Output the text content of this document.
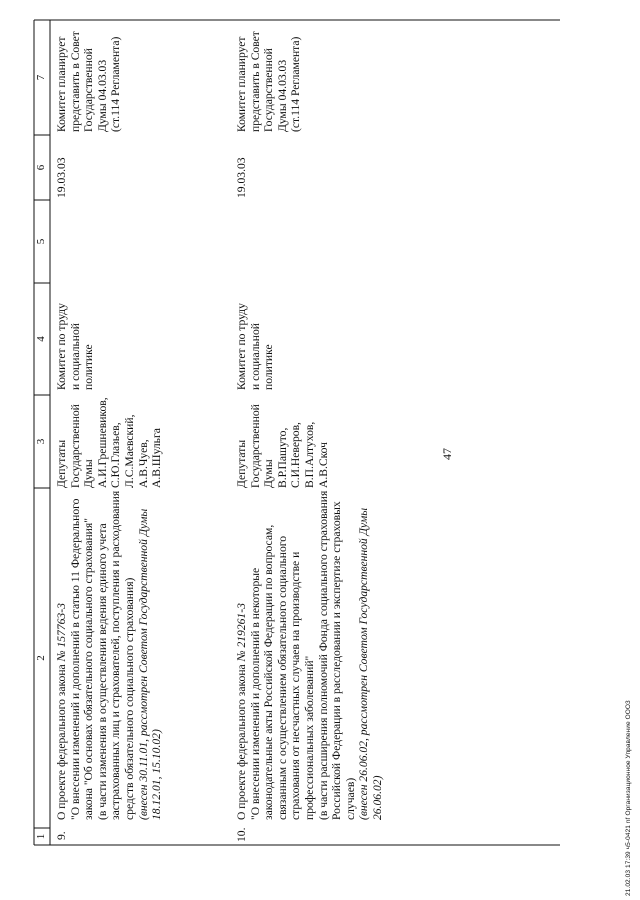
1
2
3
4
5
6
7
47
9.
О проекте федерального закона № 157763-3
"О внесении изменений и дополнений в статью 11 Федерального закона "Об основах обязательного социального страхования"
(в части изменения в осуществлении ведения единого учета застрахованных лиц и страхователей, поступления и расходования средств обязательного социального страхования)
(внесен 30.11.01, рассмотрен Советом Государственной Думы 18.12.01, 15.10.02)
Депутаты
Государственной
Думы
А.И.Грешневиков,
С.Ю.Глазьев,
Л.С.Маевский,
А.В.Чуев,
А.В.Шульга
Комитет по труду
и социальной
политике
19.03.03
Комитет планирует
представить в Совет
Государственной
Думы 04.03.03
(ст.114 Регламента)
10.
О проекте федерального закона № 219261-3
"О внесении изменений и дополнений в некоторые законодательные акты Российской Федерации по вопросам, связанным с осуществлением обязательного социального страхования от несчастных случаев на производстве и профессиональных заболеваний"
(в части расширения полномочий Фонда социального страхования Российской Федерации в расследовании и экспертизе страховых случаев)
(внесен 26.06.02, рассмотрен Советом Государственной Думы 26.06.02)
Депутаты
Государственной
Думы
В.Р.Пашуто,
С.И.Неверов,
В.П.Алтухов,
А.В.Скоч
Комитет по труду
и социальной
политике
19.03.03
Комитет планирует
представить в Совет
Государственной
Думы 04.03.03
(ст.114 Регламента)
21.02.03 17:39 ч5-0421 nf Организационное Управление ООО3
